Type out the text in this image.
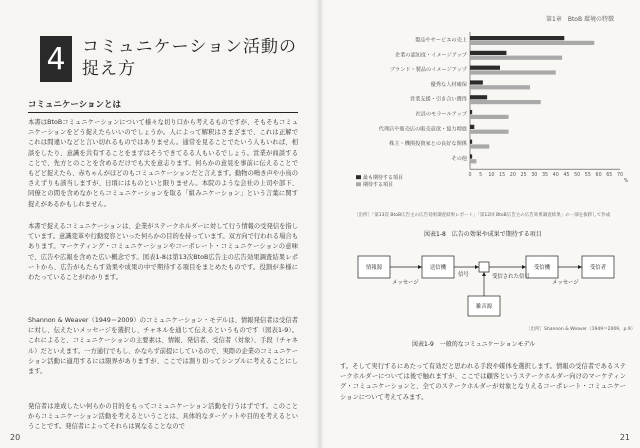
4 コミュニケーション活動の
捉え方
コミュニケーションとは
本書はBtoBコミュニケーションについて様々な切り口から考えるものですが、そもそもコミュニケーションをどう捉えたらいいのでしょうか。人によって解釈はさまざまで、これは正解でこれは間違いなどと言い切れるものではありません。通常を見ることでたいう人もいれば、相談をしたり、意識を共有することをまずはそうできてるる人もいるでしょう。営業が商談することで、先方とのことを含めるだけでも大を意志ります。何らかの意見を事前に伝えることでもどど捉えたら、赤ちゃんがほどのもコミュニケーションだと言えます。動物の鳴き声や小鳥のさえずりも該当しますが、日頃にはものといと限りません。本院のような会社の上司や部下、同僚との間を含めなかとらコミュニケーションを取る「組みニケーション」という言葉に関す捉えがあるかもしれません。
本書で捉えるコミュニケーションは、企業がステークホルダーに対して行う情報の受発信を指しています。意識変革や行動変容といった何らかの目的を持っています。双方向で行われる場合もあります。マーケティング・コミュニケーションやコーポレート・コミュニケーションの意味で、広告や広報を含めた広い概念です。図表1-8は第13次BtoB広告主の広告効果調査結果レポートから、広告がもたらす効果や成果の中で期待する項目をまとめたものです。役割が多様にわたっていることがわかります。
Shannon & Weaver（1949＝2009）のコミュニケーション・モデルは、情報発信者は受信者に対し、伝えたいメッセージを選択し、チャネルを通じて伝えるというものです（図表1-9）。これによると、コミュニケーションの主要素は、情報、発信者、受信者（対象）、手段（チャネル）だといえます。一方通行でもし、かならず前提にしているので、実際の企業のコミュニケーション活動に適用するには限界がありますが、ここでは割り切ってシンプルに考えることにします。
発信者は達成したい何らかの目的をもってコミュニケーション活動を行うはずです。このことからコミュニケーション活動を考えるということは、具体的なターゲットや目的を考えるということです。発信者によってそれらは異なることなので
20
第1章　BtoB 環境の特徴
製品やサービスの売上
企業の認知度・イメージアップ
ブランド・製品のイメージアップ
優秀な人材確保
営業支援・引き合い獲得
社員のモラールアップ
代理店や販売店の販売意欲・協力増進
株主・機関投資家との良好な関係
その他
0 5 10 15 20 25 30 35 40 45 50 55 60 65 70
%
最も期待する項目
期待する項目
［出所］「第13次 BtoB広告主の広告効果調査結果レポート」「第12回 BtoB広告主の広告効果調査結果」の一部を抜粋して作成
図表1-8　広告の効果や成果で期待する項目
情報源	送信機	受信機	受信者
雑音源
信号	受信された信号
メッセージ	メッセージ
［出所］Shannon & Weaver（1949＝2009、p.9）
図表1-9　一般的なコミュニケーションモデル
す。そして実行するにあたって有効だと思われる手段や媒体を選択します。情報の受信者であるステークホルダーについては後で触れますが、ここでは顧客というステークホルダー向けのマーケティング・コミュニケーションと、全てのステークホルダーが対象となりえるコーポレート・コミュニケーションについて考えてみます。
21
